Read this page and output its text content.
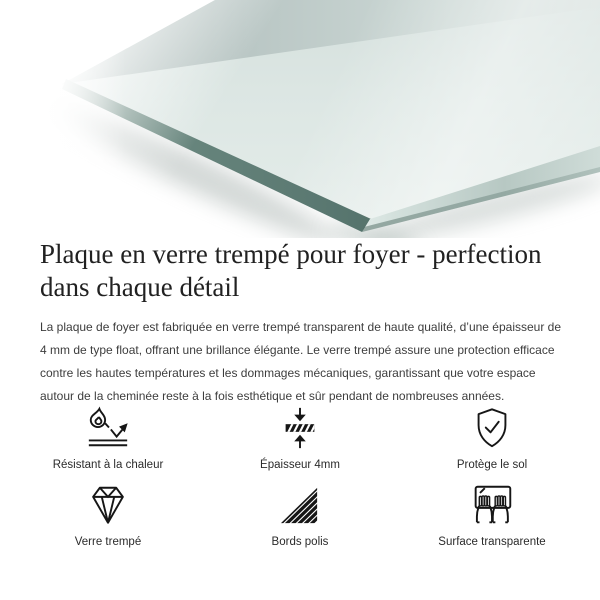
Plaque en verre trempé pour foyer - perfection dans chaque détail

La plaque de foyer est fabriquée en verre trempé transparent de haute qualité, d’une épaisseur de 4 mm de type float, offrant une brillance élégante. Le verre trempé assure une protection efficace contre les hautes températures et les dommages mécaniques, garantissant que votre espace autour de la cheminée reste à la fois esthétique et sûr pendant de nombreuses années.

Résistant à la chaleur	Épaisseur 4mm	Protège le sol
Verre trempé	Bords polis	Surface transparente
